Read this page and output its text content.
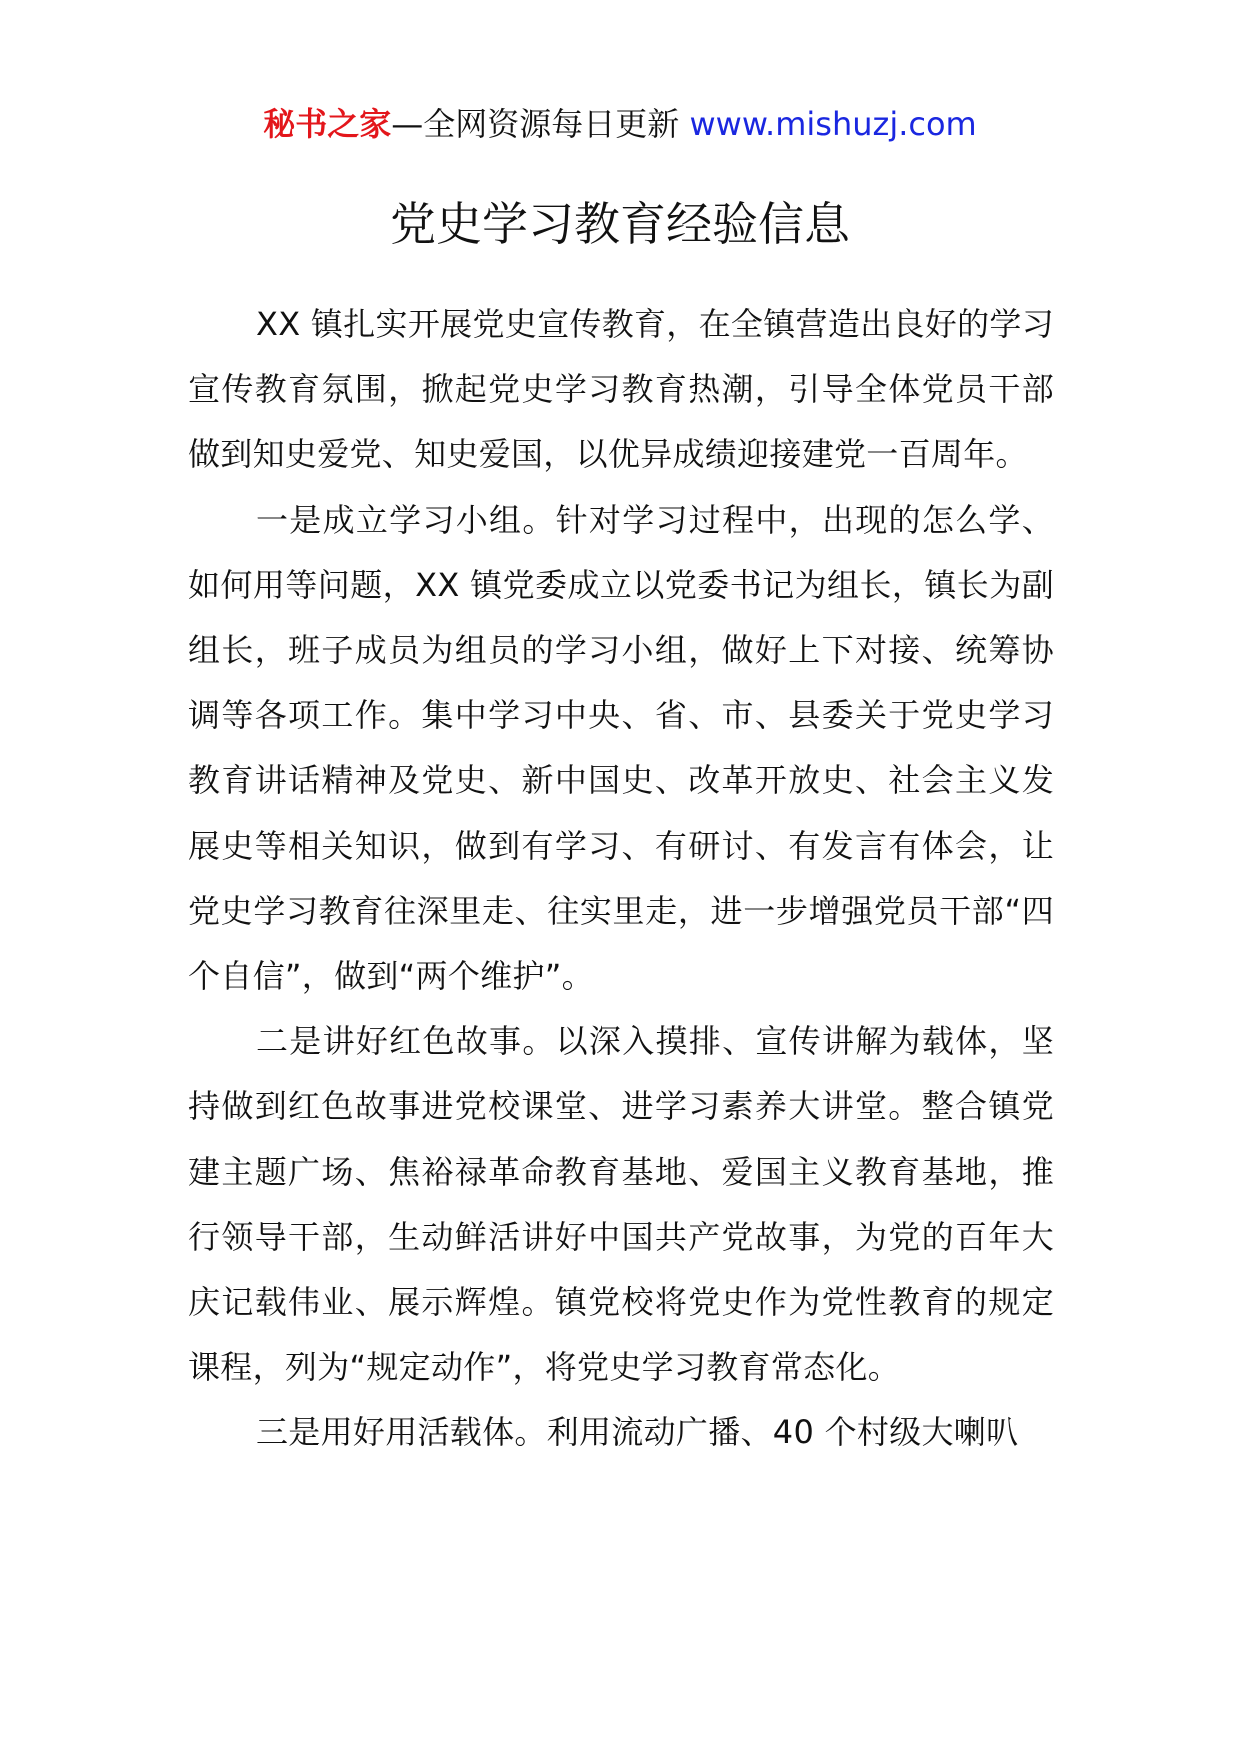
秘书之家—全网资源每日更新 www.mishuzj.com
党史学习教育经验信息

XX 镇扎实开展党史宣传教育，在全镇营造出良好的学习宣传教育氛围，掀起党史学习教育热潮，引导全体党员干部做到知史爱党、知史爱国，以优异成绩迎接建党一百周年。

一是成立学习小组。针对学习过程中，出现的怎么学、如何用等问题，XX 镇党委成立以党委书记为组长，镇长为副组长，班子成员为组员的学习小组，做好上下对接、统筹协调等各项工作。集中学习中央、省、市、县委关于党史学习教育讲话精神及党史、新中国史、改革开放史、社会主义发展史等相关知识，做到有学习、有研讨、有发言有体会，让党史学习教育往深里走、往实里走，进一步增强党员干部“四个自信”，做到“两个维护”。

二是讲好红色故事。以深入摸排、宣传讲解为载体，坚持做到红色故事进党校课堂、进学习素养大讲堂。整合镇党建主题广场、焦裕禄革命教育基地、爱国主义教育基地，推行领导干部，生动鲜活讲好中国共产党故事，为党的百年大庆记载伟业、展示辉煌。镇党校将党史作为党性教育的规定课程，列为“规定动作”，将党史学习教育常态化。

三是用好用活载体。利用流动广播、40 个村级大喇叭
